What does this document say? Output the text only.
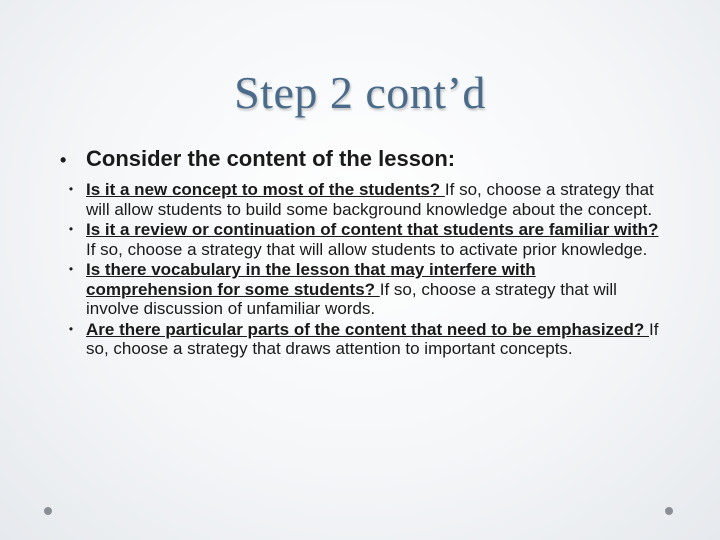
Step 2 cont’d
• Consider the content of the lesson:
• Is it a new concept to most of the students? If so, choose a strategy that will allow students to build some background knowledge about the concept.
• Is it a review or continuation of content that students are familiar with? If so, choose a strategy that will allow students to activate prior knowledge.
• Is there vocabulary in the lesson that may interfere with comprehension for some students? If so, choose a strategy that will involve discussion of unfamiliar words.
• Are there particular parts of the content that need to be emphasized? If so, choose a strategy that draws attention to important concepts.
